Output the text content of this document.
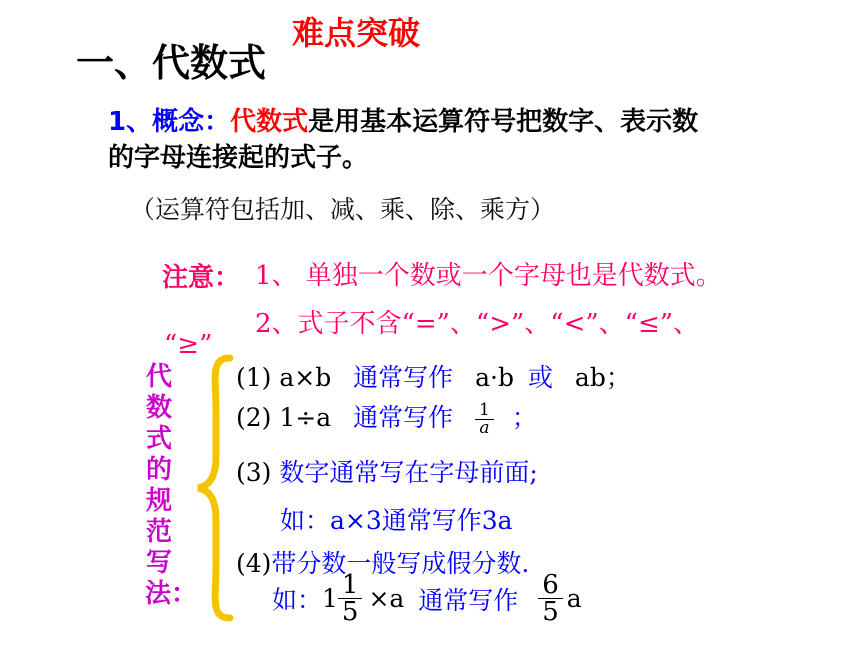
难点突破
一、代数式
1、概念：代数式是用基本运算符号把数字、表示数
的字母连接起的式子。
（运算符包括加、减、乘、除、乘方）
注意： 1、 单独一个数或一个字母也是代数式。
2、式子不含“=”、“>”、“<”、“≤”、
“≥”
代数式的规范写法：
(1) a×b 通常写作 a·b 或 ab；
(2) 1÷a 通常写作 $\frac{1}{a}$ ；
(3) 数字通常写在字母前面;
如：a×3通常写作3a
(4)带分数一般写成假分数.
如：$1 \frac{1}{5} \times a$ 通常写作 $\frac{6}{5}$ a
